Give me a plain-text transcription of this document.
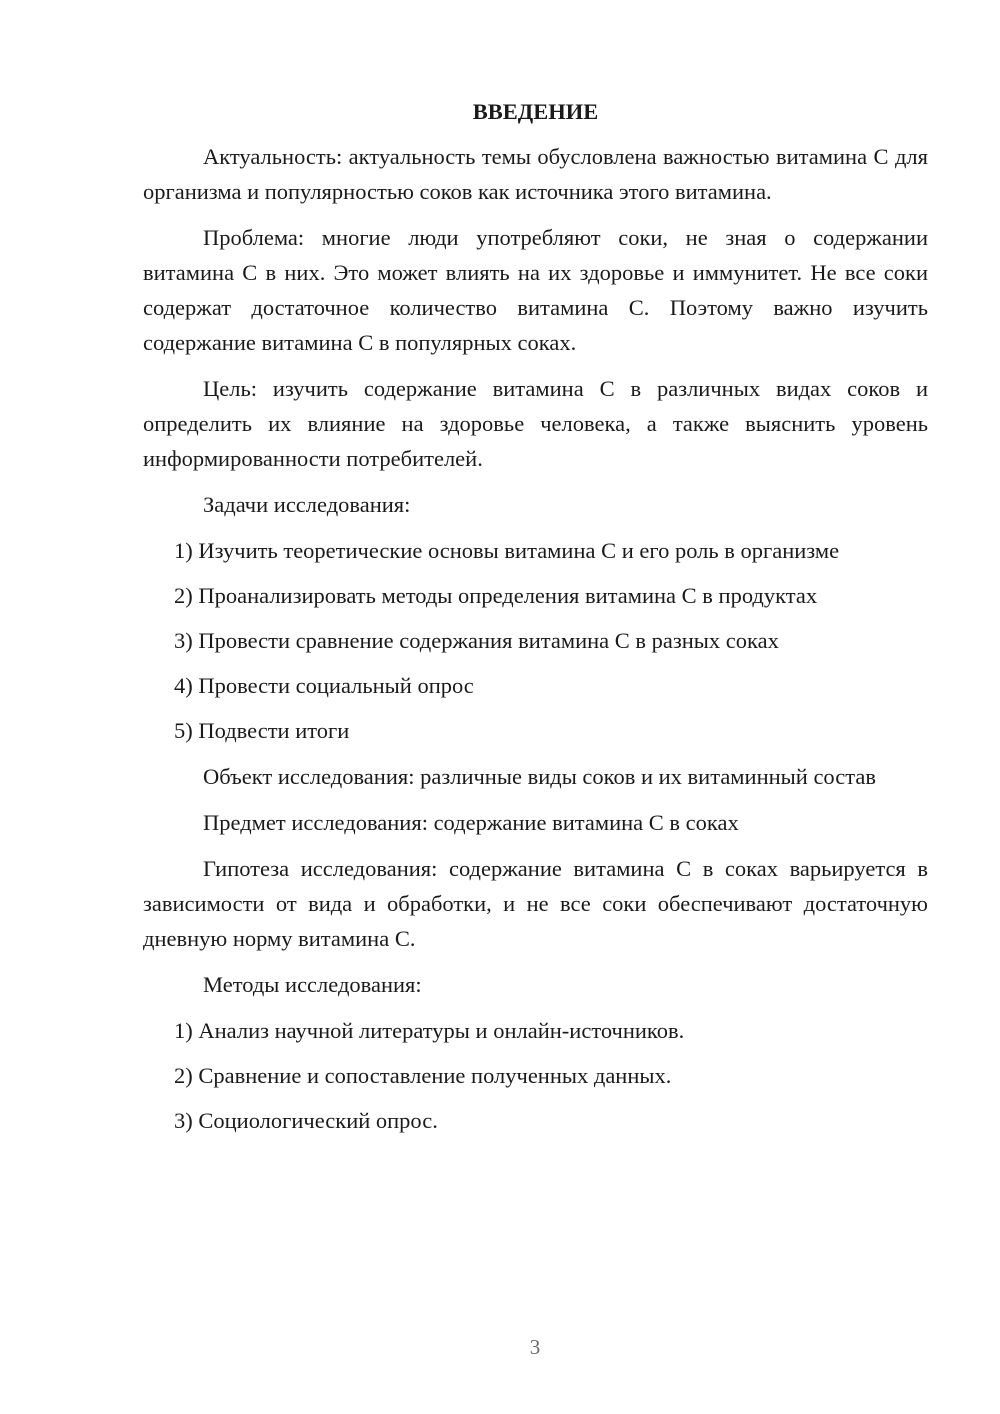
ВВЕДЕНИЕ

Актуальность: актуальность темы обусловлена важностью витамина С для организма и популярностью соков как источника этого витамина.

Проблема: многие люди употребляют соки, не зная о содержании витамина С в них. Это может влиять на их здоровье и иммунитет. Не все соки содержат достаточное количество витамина С. Поэтому важно изучить содержание витамина С в популярных соках.

Цель: изучить содержание витамина С в различных видах соков и определить их влияние на здоровье человека, а также выяснить уровень информированности потребителей.

Задачи исследования:

1) Изучить теоретические основы витамина С и его роль в организме
2) Проанализировать методы определения витамина С в продуктах
3) Провести сравнение содержания витамина С в разных соках
4) Провести социальный опрос
5) Подвести итоги

Объект исследования: различные виды соков и их витаминный состав

Предмет исследования: содержание витамина С в соках

Гипотеза исследования: содержание витамина С в соках варьируется в зависимости от вида и обработки, и не все соки обеспечивают достаточную дневную норму витамина С.

Методы исследования:

1) Анализ научной литературы и онлайн-источников.
2) Сравнение и сопоставление полученных данных.
3) Социологический опрос.
3
